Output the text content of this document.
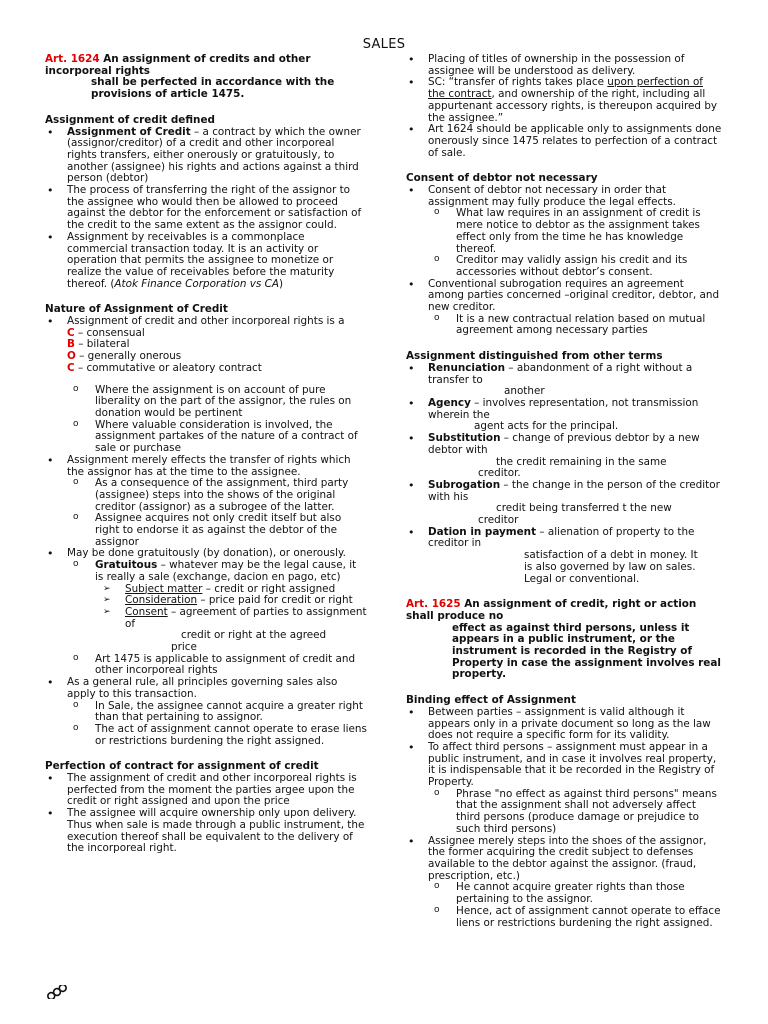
SALES

Art. 1624 An assignment of credits and other incorporeal rights

shall be perfected in accordance with the provisions of article 1475.

Assignment of credit defined
• Assignment of Credit – a contract by which the owner (assignor/creditor) of a credit and other incorporeal rights transfers, either onerously or gratuitously, to another (assignee) his rights and actions against a third person (debtor)
• The process of transferring the right of the assignor to the assignee who would then be allowed to proceed against the debtor for the enforcement or satisfaction of the credit to the same extent as the assignor could.
• Assignment by receivables is a commonplace commercial transaction today. It is an activity or operation that permits the assignee to monetize or realize the value of receivables before the maturity thereof. (Atok Finance Corporation vs CA)
Nature of Assignment of Credit
• Assignment of credit and other incorporeal rights is a
C – consensual
B – bilateral
O – generally onerous
C – commutative or aleatory contract
o Where the assignment is on account of pure liberality on the part of the assignor, the rules on donation would be pertinent
o Where valuable consideration is involved, the assignment partakes of the nature of a contract of sale or purchase
• Assignment merely effects the transfer of rights which the assignor has at the time to the assignee.
o As a consequence of the assignment, third party (assignee) steps into the shows of the original creditor (assignor) as a subrogee of the latter.
o Assignee acquires not only credit itself but also right to endorse it as against the debtor of the assignor
• May be done gratuitously (by donation), or onerously.
o Gratuitous – whatever may be the legal cause, it is really a sale (exchange, dacion en pago, etc)
➢ Subject matter – credit or right assigned
➢ Consideration – price paid for credit or right
➢ Consent – agreement of parties to assignment of
credit or right at the agreed
price
o Art 1475 is applicable to assignment of credit and other incorporeal rights
• As a general rule, all principles governing sales also apply to this transaction.
o In Sale, the assignee cannot acquire a greater right than that pertaining to assignor.
o The act of assignment cannot operate to erase liens or restrictions burdening the right assigned.
Perfection of contract for assignment of credit
• The assignment of credit and other incorporeal rights is perfected from the moment the parties argee upon the credit or right assigned and upon the price
• The assignee will acquire ownership only upon delivery. Thus when sale is made through a public instrument, the execution thereof shall be equivalent to the delivery of the incorporeal right.
• Placing of titles of ownership in the possession of assignee will be understood as delivery.
• SC: “transfer of rights takes place upon perfection of the contract, and ownership of the right, including all appurtenant accessory rights, is thereupon acquired by the assignee.”
• Art 1624 should be applicable only to assignments done onerously since 1475 relates to perfection of a contract of sale.
Consent of debtor not necessary
• Consent of debtor not necessary in order that assignment may fully produce the legal effects.
o What law requires in an assignment of credit is mere notice to debtor as the assignment takes effect only from the time he has knowledge thereof.
o Creditor may validly assign his credit and its accessories without debtor’s consent.
• Conventional subrogation requires an agreement among parties concerned –original creditor, debtor, and new creditor.
o It is a new contractual relation based on mutual agreement among necessary parties
Assignment distinguished from other terms
• Renunciation – abandonment of a right without a transfer to
another
• Agency – involves representation, not transmission wherein the
agent acts for the principal.
• Substitution – change of previous debtor by a new debtor with
the credit remaining in the same
creditor.
• Subrogation – the change in the person of the creditor with his
credit being transferred t the new
creditor
• Dation in payment – alienation of property to the creditor in
satisfaction of a debt in money. It
is also governed by law on sales.
Legal or conventional.

Art. 1625 An assignment of credit, right or action shall produce no

effect as against third persons, unless it appears in a public instrument, or the instrument is recorded in the Registry of Property in case the assignment involves real property.

Binding effect of Assignment
• Between parties – assignment is valid although it appears only in a private document so long as the law does not require a specific form for its validity.
• To affect third persons – assignment must appear in a public instrument, and in case it involves real property, it is indispensable that it be recorded in the Registry of Property.
o Phrase "no effect as against third persons" means that the assignment shall not adversely affect third persons (produce damage or prejudice to such third persons)
• Assignee merely steps into the shoes of the assignor, the former acquiring the credit subject to defenses available to the debtor against the assignor. (fraud, prescription, etc.)
o He cannot acquire greater rights than those pertaining to the assignor.
o Hence, act of assignment cannot operate to efface liens or restrictions burdening the right assigned.
